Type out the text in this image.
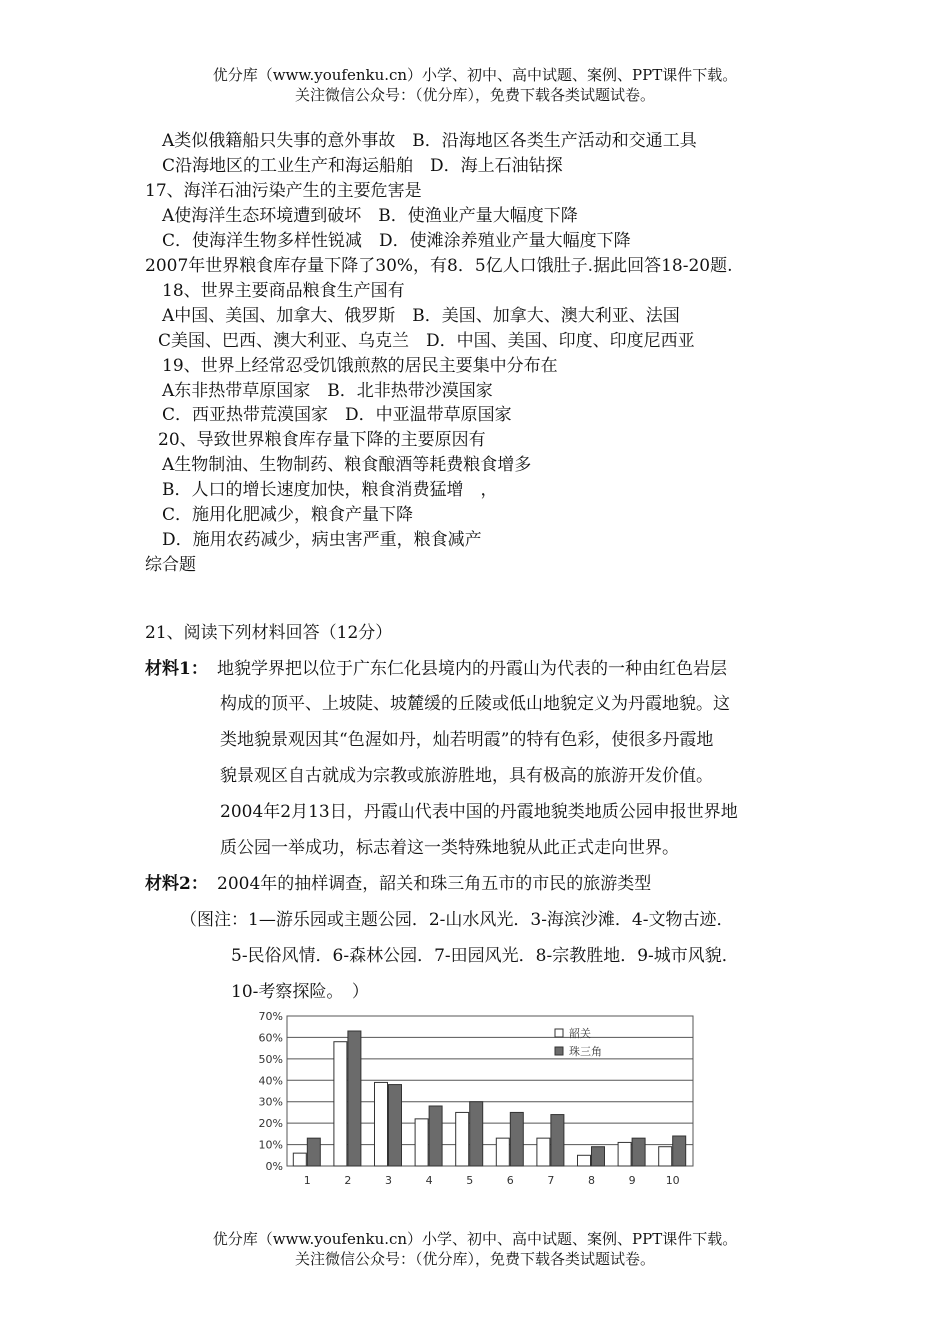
优分库（www.youfenku.cn）小学、初中、高中试题、案例、PPT课件下载。
关注微信公众号：（优分库），免费下载各类试题试卷。
A类似俄籍船只失事的意外事故　B．沿海地区各类生产活动和交通工具
C沿海地区的工业生产和海运船舶　D．海上石油钻探
17、海洋石油污染产生的主要危害是
A使海洋生态环境遭到破坏　B．使渔业产量大幅度下降
C．使海洋生物多样性锐减　D．使滩涂养殖业产量大幅度下降
2007年世界粮食库存量下降了30%，有8．5亿人口饿肚子.据此回答18-20题.
18、世界主要商品粮食生产国有
A中国、美国、加拿大、俄罗斯　B．美国、加拿大、澳大利亚、法国
C美国、巴西、澳大利亚、乌克兰　D．中国、美国、印度、印度尼西亚
19、世界上经常忍受饥饿煎熬的居民主要集中分布在
A东非热带草原国家　B．北非热带沙漠国家
C．西亚热带荒漠国家　D．中亚温带草原国家
20、导致世界粮食库存量下降的主要原因有
A生物制油、生物制药、粮食酿酒等耗费粮食增多
B．人口的增长速度加快，粮食消费猛增　，
C．施用化肥减少，粮食产量下降
D．施用农药减少，病虫害严重，粮食减产
综合题
21、阅读下列材料回答（12分）
材料1： 地貌学界把以位于广东仁化县境内的丹霞山为代表的一种由红色岩层
构成的顶平、上坡陡、坡麓缓的丘陵或低山地貌定义为丹霞地貌。这
类地貌景观因其“色渥如丹，灿若明霞”的特有色彩，使很多丹霞地
貌景观区自古就成为宗教或旅游胜地，具有极高的旅游开发价值。
2004年2月13日，丹霞山代表中国的丹霞地貌类地质公园申报世界地
质公园一举成功，标志着这一类特殊地貌从此正式走向世界。
材料2： 2004年的抽样调查，韶关和珠三角五市的市民的旅游类型
（图注：1—游乐园或主题公园．2-山水风光．3-海滨沙滩．4-文物古迹．
5-民俗风情．6-森林公园．7-田园风光．8-宗教胜地．9-城市风貌．
10-考察探险。　）
0%
10%
20%
30%
40%
50%
60%
70%
1	2	3	4	5	6	7	8	9	10
韶关
珠三角
优分库（www.youfenku.cn）小学、初中、高中试题、案例、PPT课件下载。
关注微信公众号：（优分库），免费下载各类试题试卷。
